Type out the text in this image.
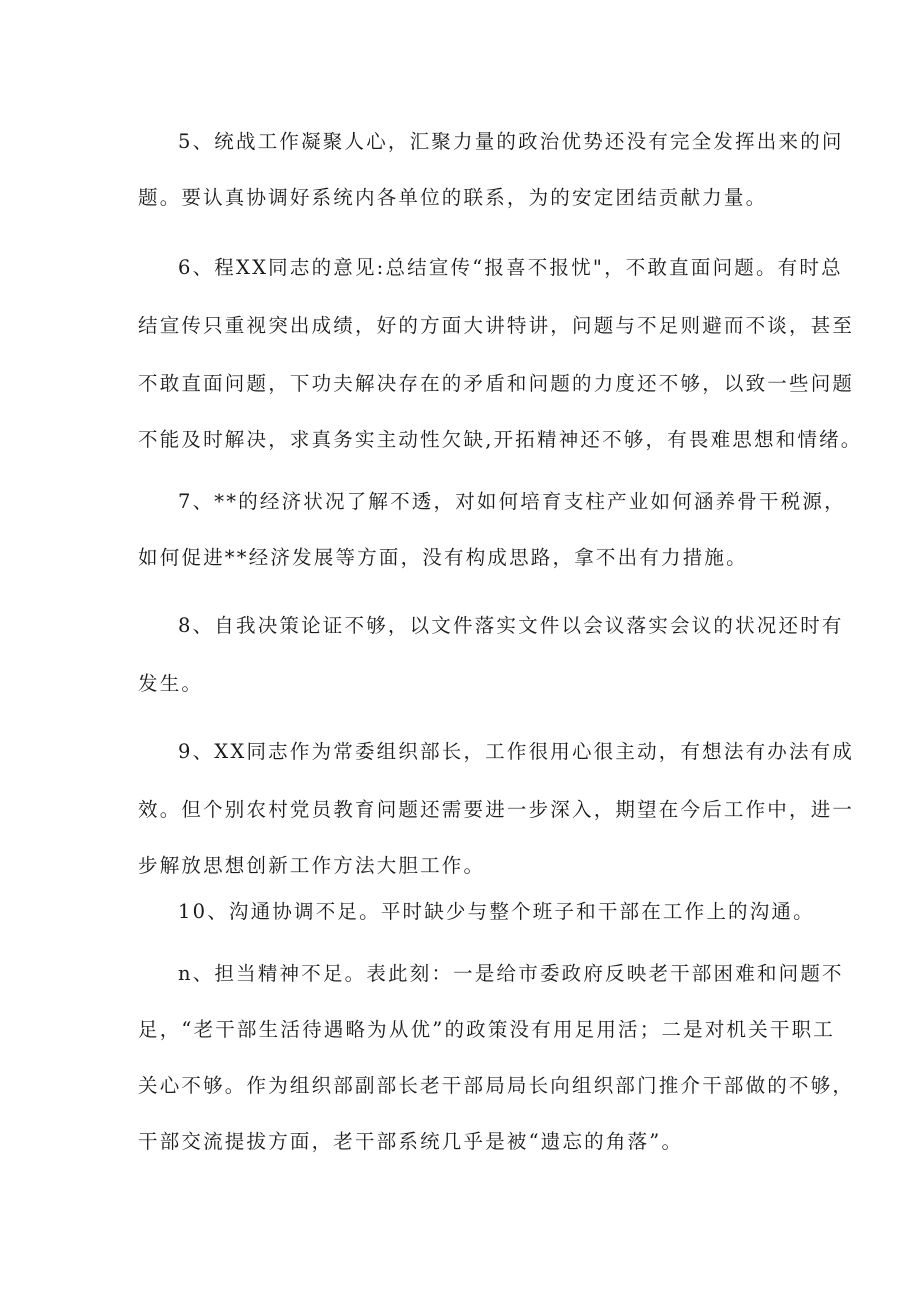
5、统战工作凝聚人心，汇聚力量的政治优势还没有完全发挥出来的问
题。要认真协调好系统内各单位的联系，为的安定团结贡献力量。
6、程XX同志的意见:总结宣传“报喜不报忧"，不敢直面问题。有时总
结宣传只重视突出成绩，好的方面大讲特讲，问题与不足则避而不谈，甚至
不敢直面问题，下功夫解决存在的矛盾和问题的力度还不够，以致一些问题
不能及时解决，求真务实主动性欠缺,开拓精神还不够，有畏难思想和情绪。
7、**的经济状况了解不透，对如何培育支柱产业如何涵养骨干税源，
如何促进**经济发展等方面，没有构成思路，拿不出有力措施。
8、自我决策论证不够，以文件落实文件以会议落实会议的状况还时有
发生。
9、XX同志作为常委组织部长，工作很用心很主动，有想法有办法有成
效。但个别农村党员教育问题还需要进一步深入，期望在今后工作中，进一
步解放思想创新工作方法大胆工作。
10、沟通协调不足。平时缺少与整个班子和干部在工作上的沟通。
n、担当精神不足。表此刻：一是给市委政府反映老干部困难和问题不
足，“老干部生活待遇略为从优”的政策没有用足用活；二是对机关干职工
关心不够。作为组织部副部长老干部局局长向组织部门推介干部做的不够，
干部交流提拔方面，老干部系统几乎是被“遗忘的角落”。
